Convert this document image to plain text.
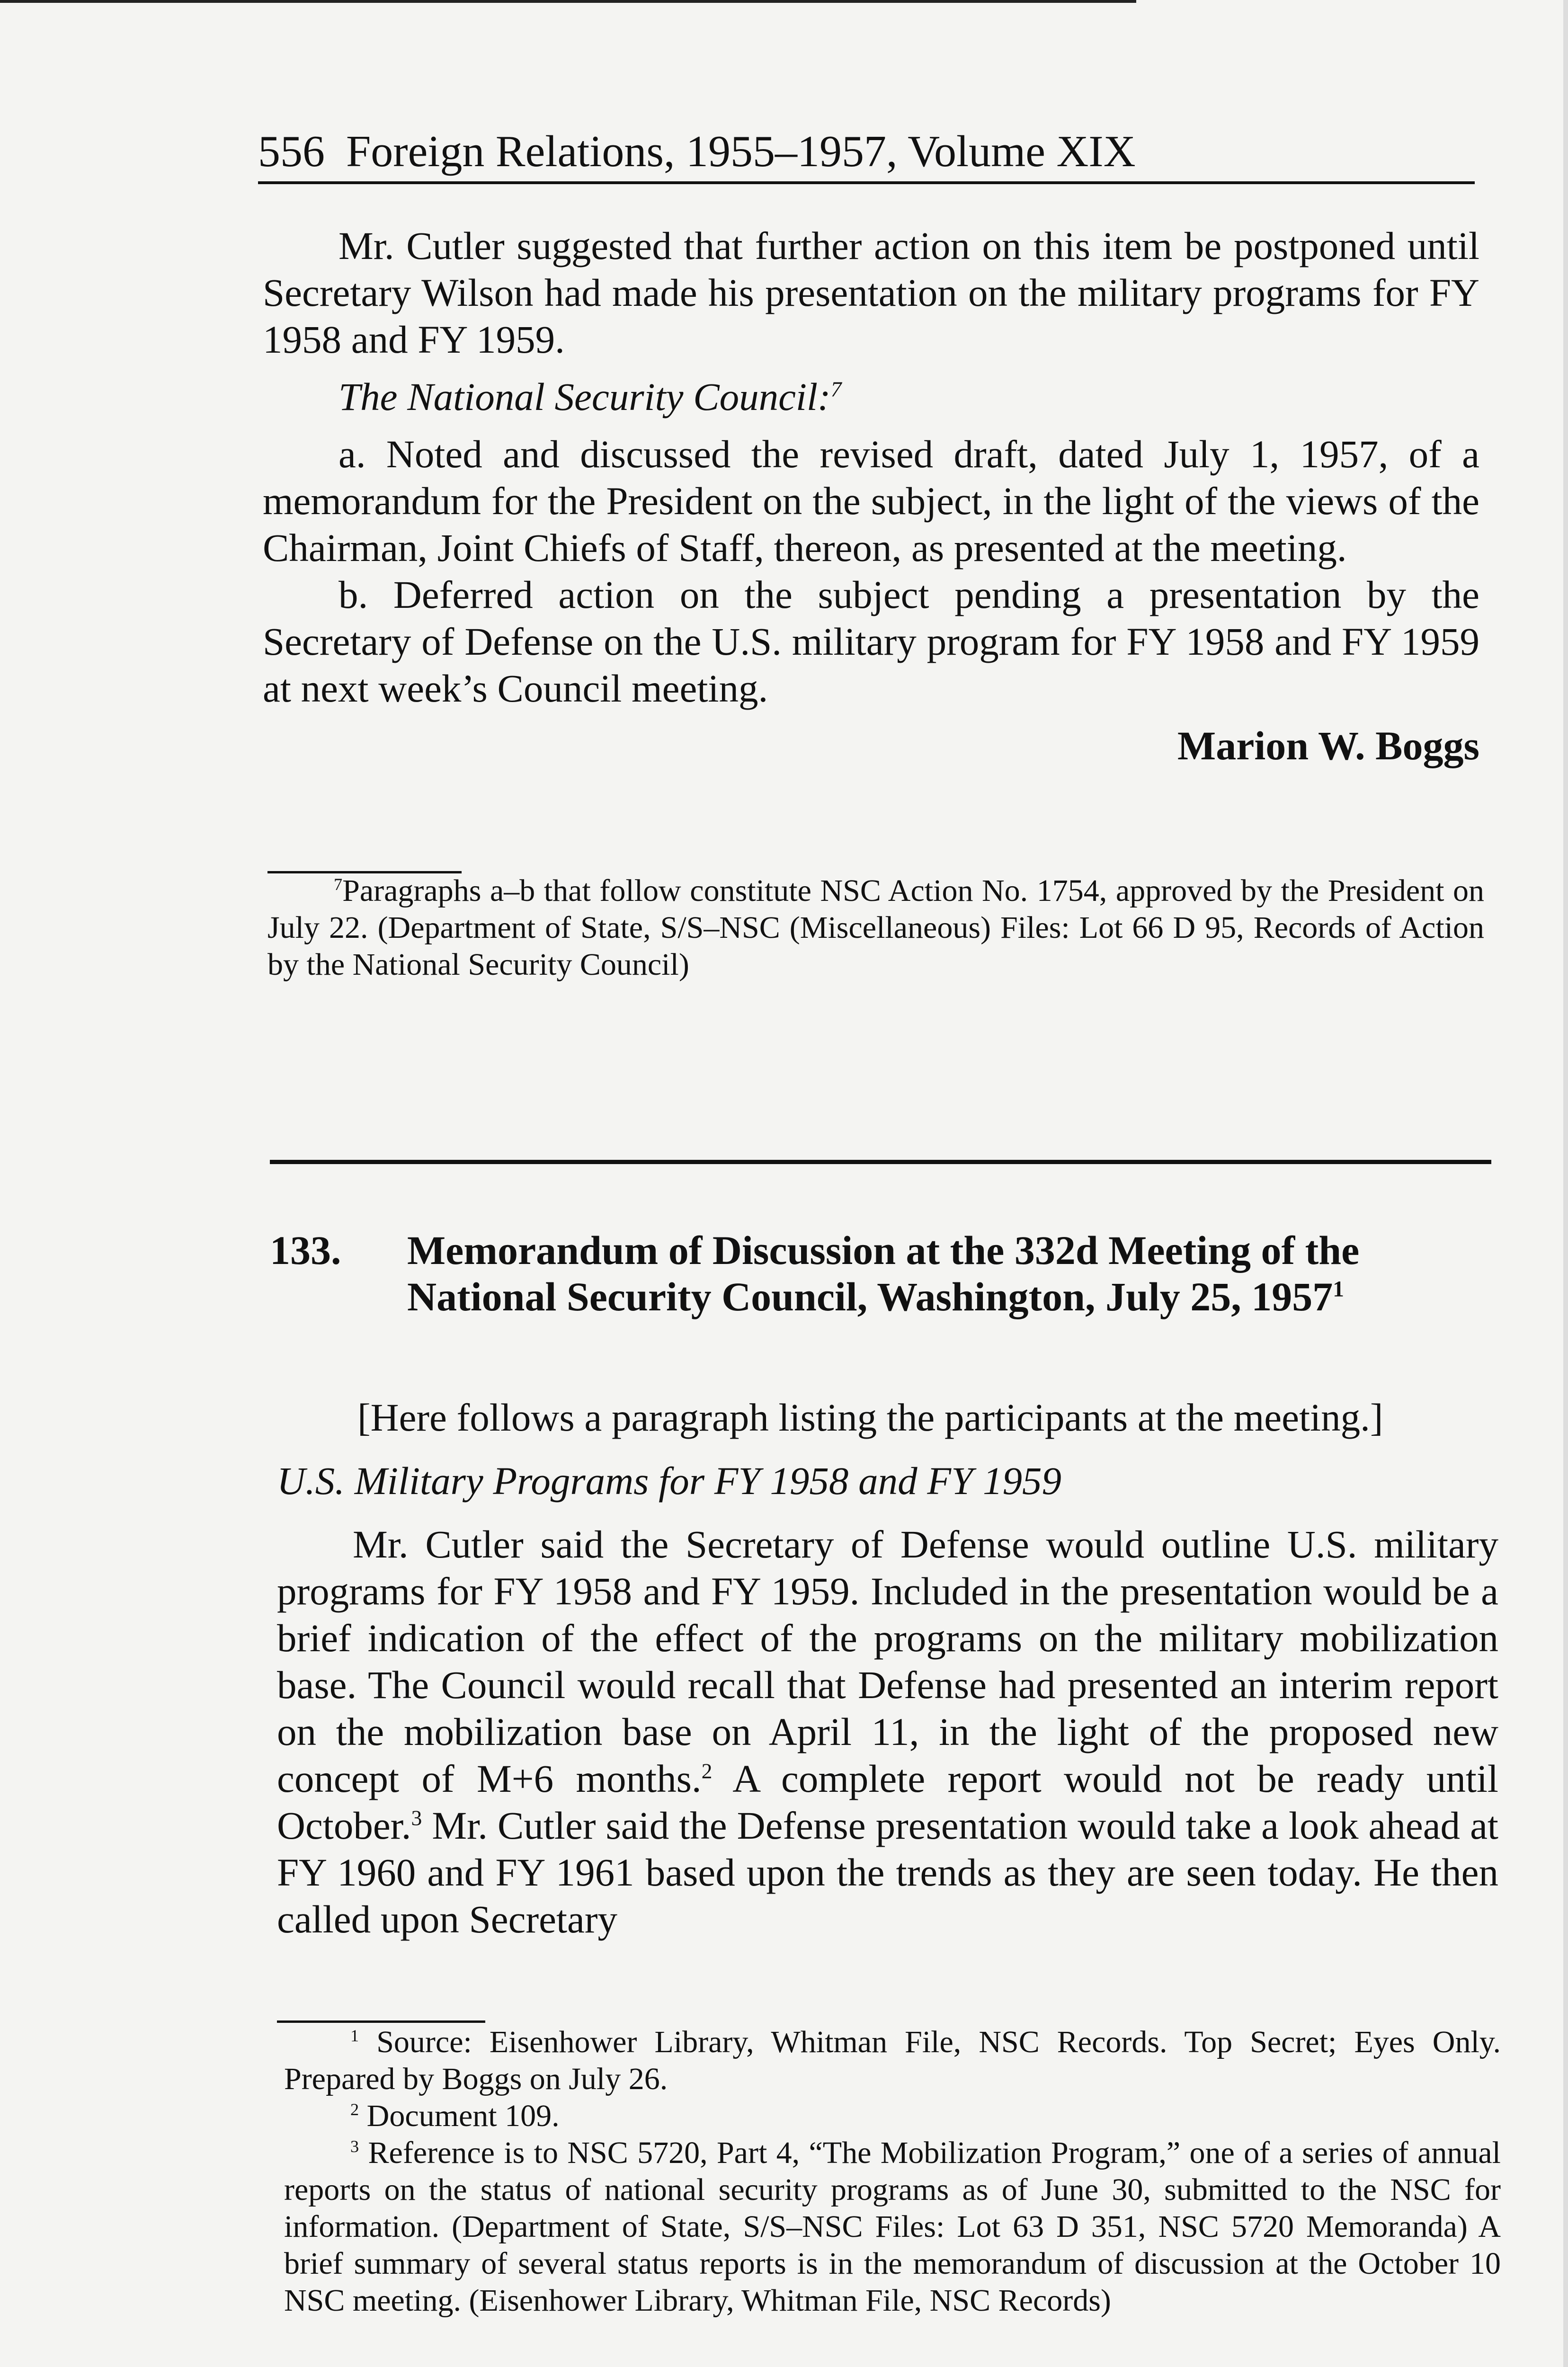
556 Foreign Relations, 1955–1957, Volume XIX

Mr. Cutler suggested that further action on this item be postponed until Secretary Wilson had made his presentation on the military programs for FY 1958 and FY 1959.

The National Security Council:$^7$

a. Noted and discussed the revised draft, dated July 1, 1957, of a memorandum for the President on the subject, in the light of the views of the Chairman, Joint Chiefs of Staff, thereon, as presented at the meeting.

b. Deferred action on the subject pending a presentation by the Secretary of Defense on the U.S. military program for FY 1958 and FY 1959 at next week’s Council meeting.

Marion W. Boggs

$^7$Paragraphs a–b that follow constitute NSC Action No. 1754, approved by the President on July 22. (Department of State, S/S–NSC (Miscellaneous) Files: Lot 66 D 95, Records of Action by the National Security Council)

133. Memorandum of Discussion at the 332d Meeting of the National Security Council, Washington, July 25, 1957$^1$

[Here follows a paragraph listing the participants at the meeting.]

U.S. Military Programs for FY 1958 and FY 1959

Mr. Cutler said the Secretary of Defense would outline U.S. military programs for FY 1958 and FY 1959. Included in the presentation would be a brief indication of the effect of the programs on the military mobilization base. The Council would recall that Defense had presented an interim report on the mobilization base on April 11, in the light of the proposed new concept of M+6 months.$^2$ A complete report would not be ready until October.$^3$ Mr. Cutler said the Defense presentation would take a look ahead at FY 1960 and FY 1961 based upon the trends as they are seen today. He then called upon Secretary

$^1$ Source: Eisenhower Library, Whitman File, NSC Records. Top Secret; Eyes Only. Prepared by Boggs on July 26.

$^2$ Document 109.

$^3$ Reference is to NSC 5720, Part 4, “The Mobilization Program,” one of a series of annual reports on the status of national security programs as of June 30, submitted to the NSC for information. (Department of State, S/S–NSC Files: Lot 63 D 351, NSC 5720 Memoranda) A brief summary of several status reports is in the memorandum of discussion at the October 10 NSC meeting. (Eisenhower Library, Whitman File, NSC Records)
